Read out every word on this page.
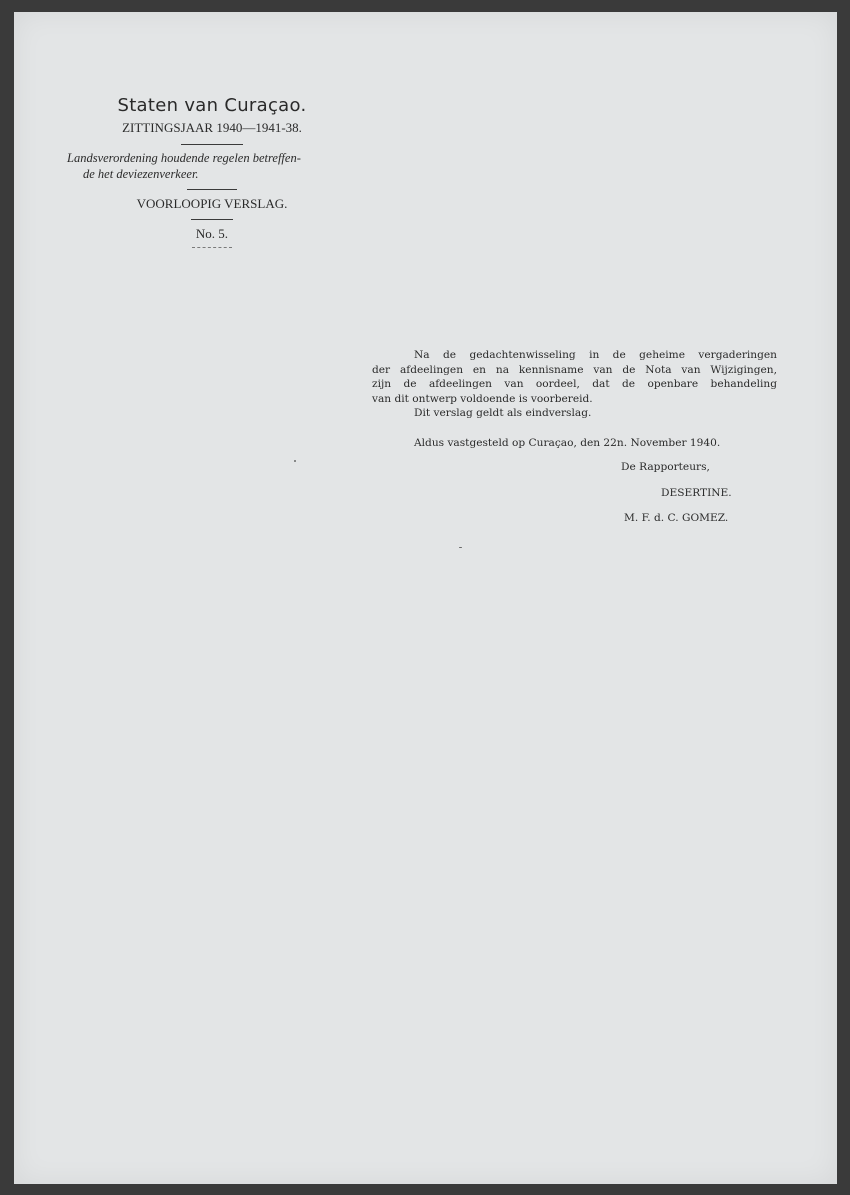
Staten van Curaçao.
ZITTINGSJAAR 1940—1941-38.
Landsverordening houdende regelen betreffen-
de het deviezenverkeer.
VOORLOOPIG VERSLAG.
No. 5.
Na de gedachtenwisseling in de geheime vergaderingen
der afdeelingen en na kennisname van de Nota van Wijzigingen,
zijn de afdeelingen van oordeel, dat de openbare behandeling
van dit ontwerp voldoende is voorbereid.
Dit verslag geldt als eindverslag.
Aldus vastgesteld op Curaçao, den 22n. November 1940.
De Rapporteurs,
DESERTINE.
M. F. d. C. GOMEZ.
